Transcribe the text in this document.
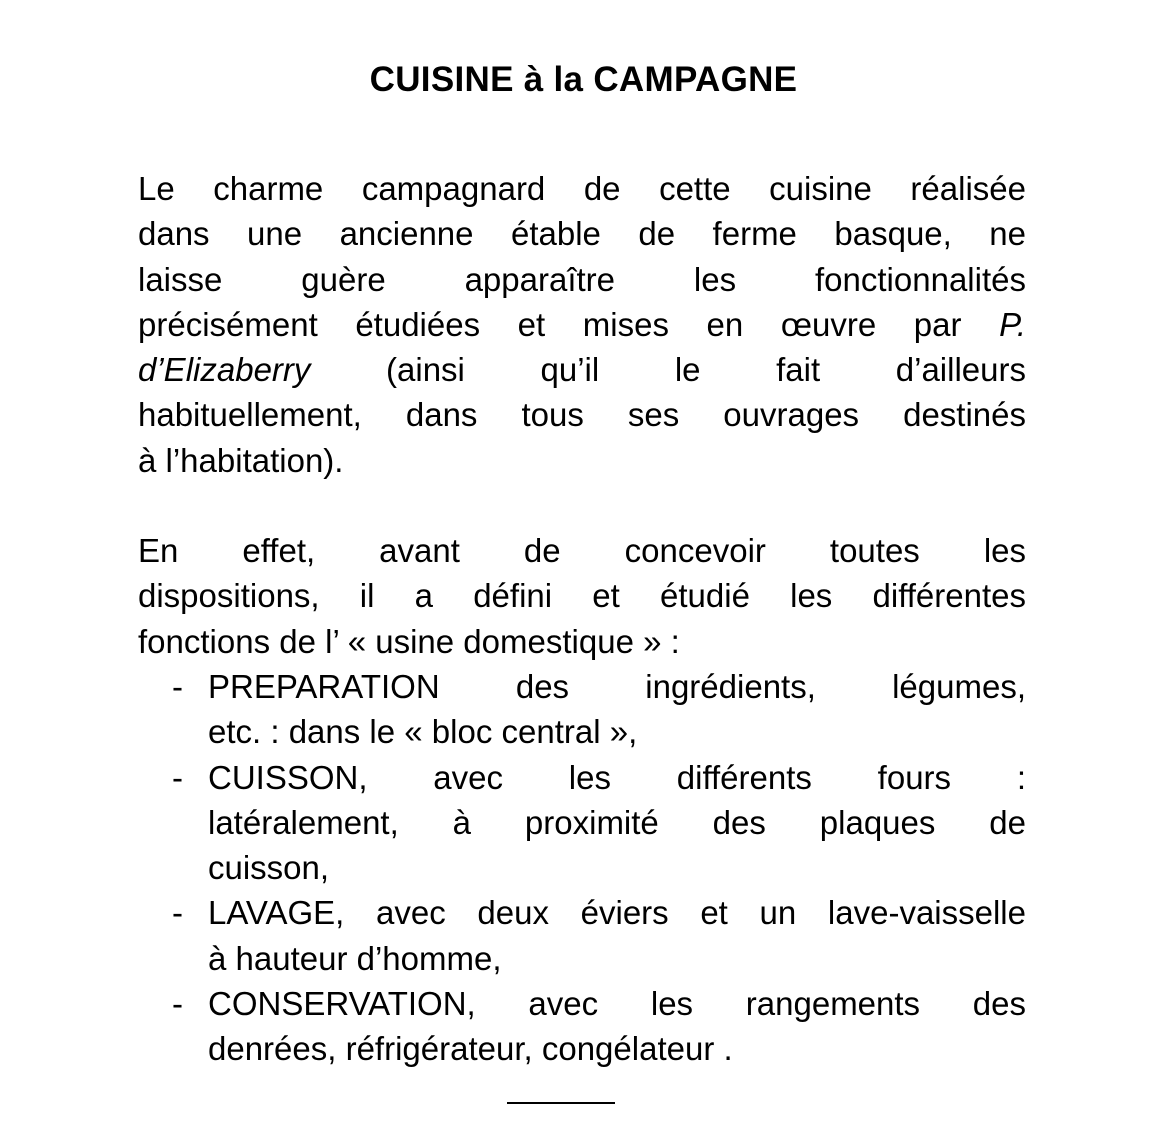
CUISINE à la CAMPAGNE
Le charme campagnard de cette cuisine réalisée
dans une ancienne étable de ferme basque, ne
laisse guère apparaître les fonctionnalités
précisément étudiées et mises en œuvre par P.
d’Elizaberry (ainsi qu’il le fait d’ailleurs
habituellement, dans tous ses ouvrages destinés
à l’habitation).
En effet, avant de concevoir toutes les
dispositions, il a défini et étudié les différentes
fonctions de l’ « usine domestique » :
- PREPARATION des ingrédients, légumes,
etc. : dans le « bloc central »,
- CUISSON, avec les différents fours :
latéralement, à proximité des plaques de
cuisson,
- LAVAGE, avec deux éviers et un lave-vaisselle
à hauteur d’homme,
- CONSERVATION, avec les rangements des
denrées, réfrigérateur, congélateur .
